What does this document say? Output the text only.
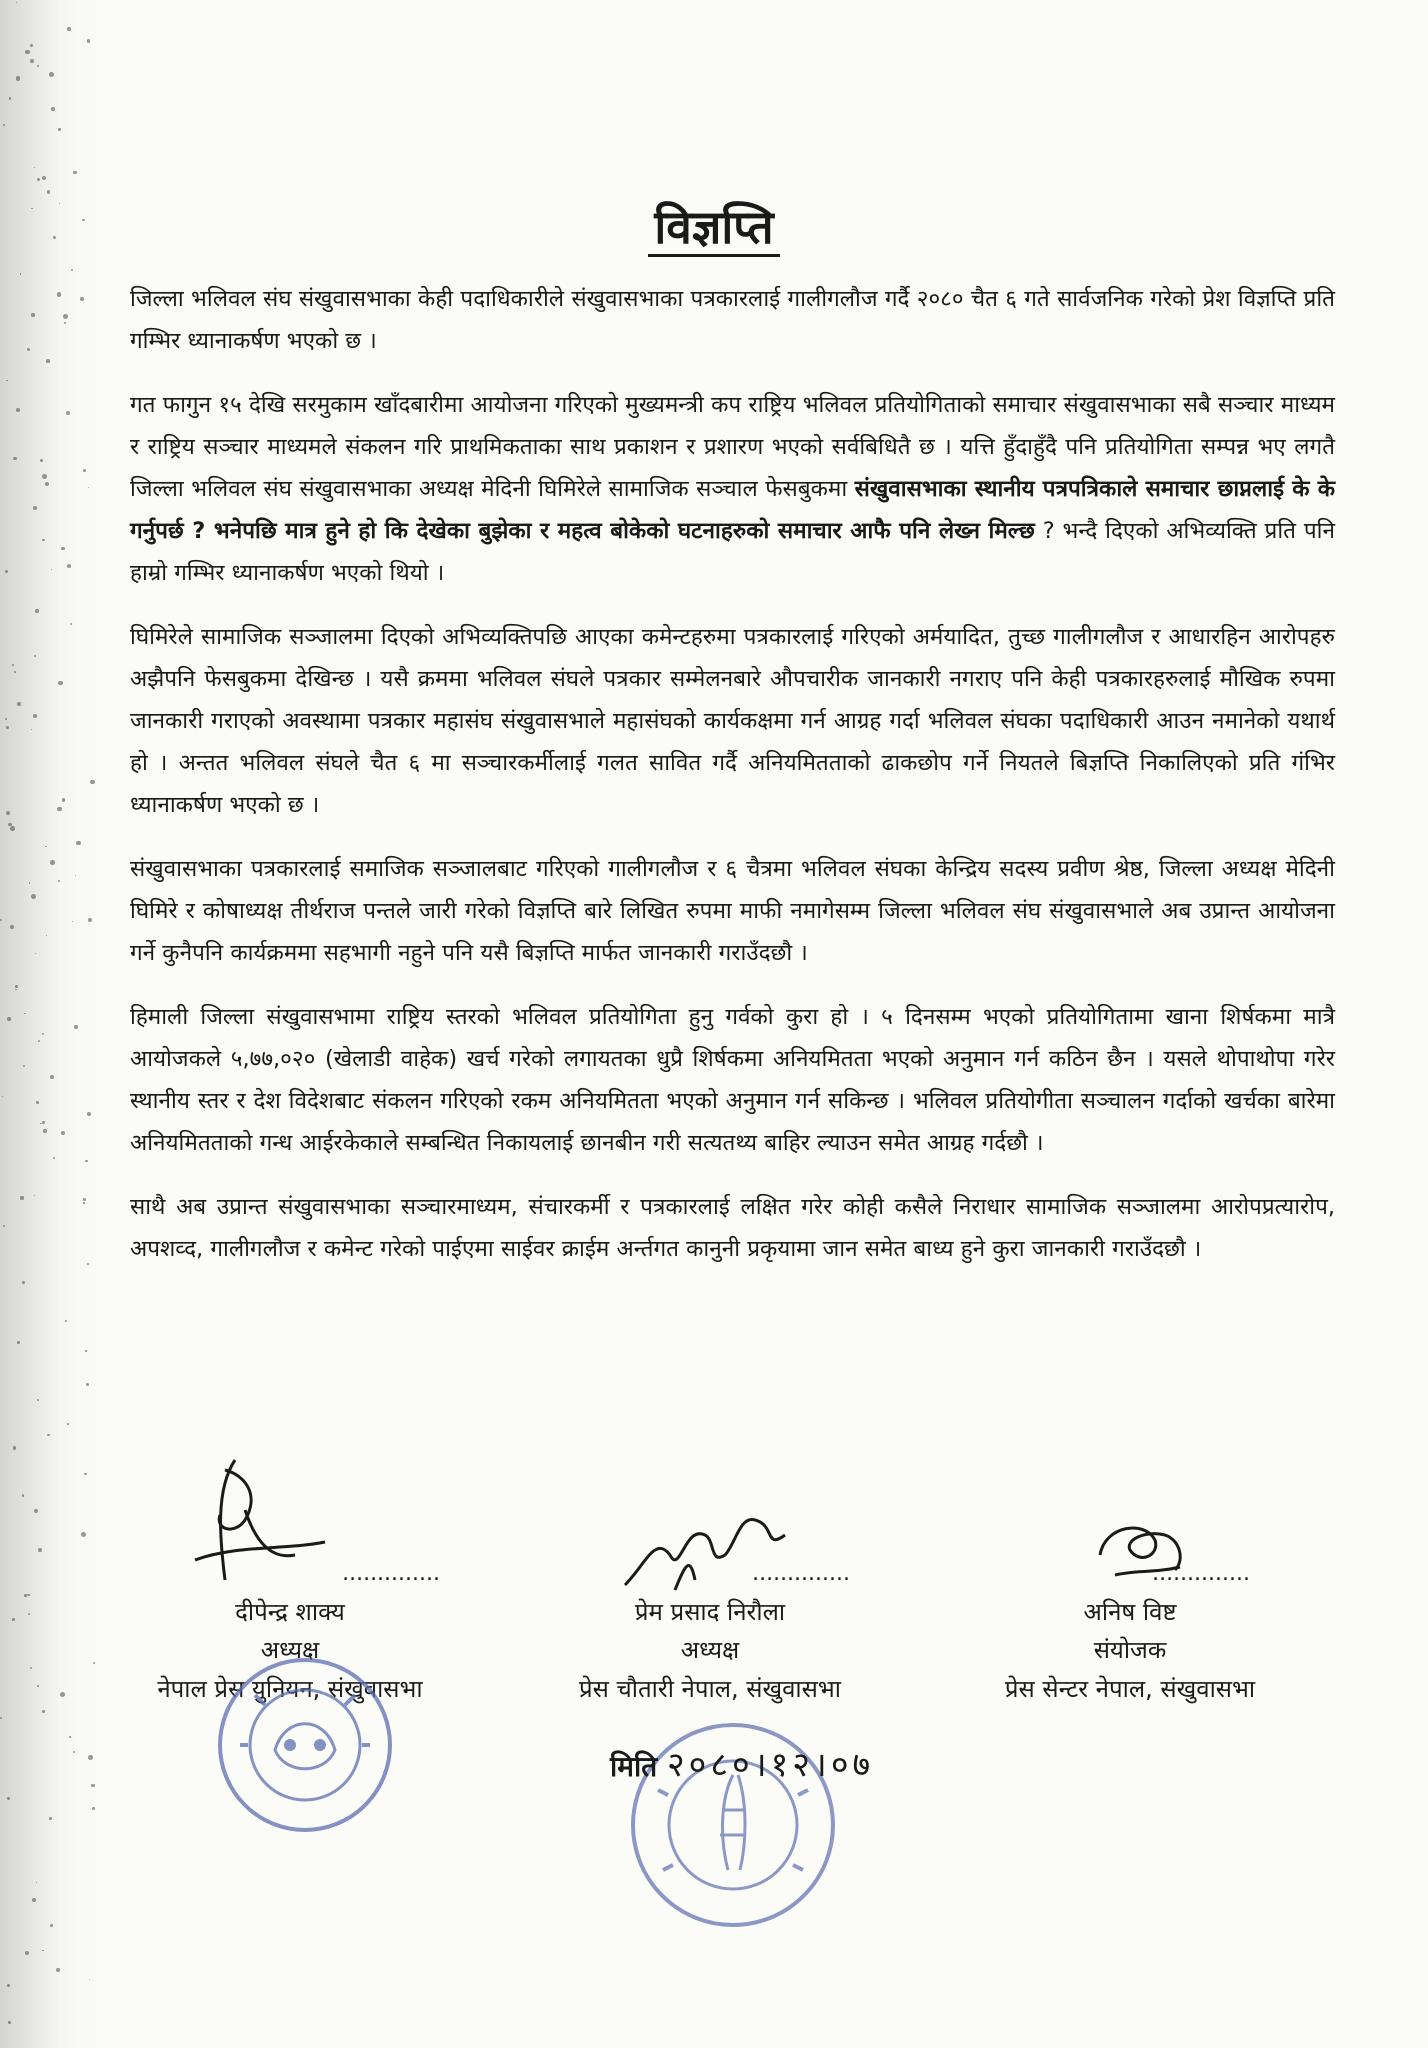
विज्ञप्ति

जिल्ला भलिवल संघ संखुवासभाका केही पदाधिकारीले संखुवासभाका पत्रकारलाई गालीगलौज गर्दै २०८० चैत ६ गते सार्वजनिक गरेको प्रेश विज्ञप्ति प्रति गम्भिर ध्यानाकर्षण भएको छ ।

गत फागुन १५ देखि सरमुकाम खाँदबारीमा आयोजना गरिएको मुख्यमन्त्री कप राष्ट्रिय भलिवल प्रतियोगिताको समाचार संखुवासभाका सबै सञ्चार माध्यम र राष्ट्रिय सञ्चार माध्यमले संकलन गरि प्राथमिकताका साथ प्रकाशन र प्रशारण भएको सर्वबिधितै छ । यत्ति हुँदाहुँदै पनि प्रतियोगिता सम्पन्न भए लगतै जिल्ला भलिवल संघ संखुवासभाका अध्यक्ष मेदिनी घिमिरेले सामाजिक सञ्चाल फेसबुकमा संखुवासभाका स्थानीय पत्रपत्रिकाले समाचार छाप्नलाई के के गर्नुपर्छ ? भनेपछि मात्र हुने हो कि देखेका बुझेका र महत्व बोकेको घटनाहरुको समाचार आफै पनि लेख्न मिल्छ ? भन्दै दिएको अभिव्यक्ति प्रति पनि हाम्रो गम्भिर ध्यानाकर्षण भएको थियो ।

घिमिरेले सामाजिक सञ्जालमा दिएको अभिव्यक्तिपछि आएका कमेन्टहरुमा पत्रकारलाई गरिएको अर्मयादित, तुच्छ गालीगलौज र आधारहिन आरोपहरु अझैपनि फेसबुकमा देखिन्छ । यसै क्रममा भलिवल संघले पत्रकार सम्मेलनबारे औपचारीक जानकारी नगराए पनि केही पत्रकारहरुलाई मौखिक रुपमा जानकारी गराएको अवस्थामा पत्रकार महासंघ संखुवासभाले महासंघको कार्यकक्षमा गर्न आग्रह गर्दा भलिवल संघका पदाधिकारी आउन नमानेको यथार्थ हो । अन्तत भलिवल संघले चैत ६ मा सञ्चारकर्मीलाई गलत सावित गर्दै अनियमितताको ढाकछोप गर्ने नियतले बिज्ञप्ति निकालिएको प्रति गंभिर ध्यानाकर्षण भएको छ ।

संखुवासभाका पत्रकारलाई समाजिक सञ्जालबाट गरिएको गालीगलौज र ६ चैत्रमा भलिवल संघका केन्द्रिय सदस्य प्रवीण श्रेष्ठ, जिल्ला अध्यक्ष मेदिनी घिमिरे र कोषाध्यक्ष तीर्थराज पन्तले जारी गरेको विज्ञप्ति बारे लिखित रुपमा माफी नमागेसम्म जिल्ला भलिवल संघ संखुवासभाले अब उप्रान्त आयोजना गर्ने कुनैपनि कार्यक्रममा सहभागी नहुने पनि यसै बिज्ञप्ति मार्फत जानकारी गराउँदछौ ।

हिमाली जिल्ला संखुवासभामा राष्ट्रिय स्तरको भलिवल प्रतियोगिता हुनु गर्वको कुरा हो । ५ दिनसम्म भएको प्रतियोगितामा खाना शिर्षकमा मात्रै आयोजकले ५,७७,०२० (खेलाडी वाहेक) खर्च गरेको लगायतका धुप्रै शिर्षकमा अनियमितता भएको अनुमान गर्न कठिन छैन । यसले थोपाथोपा गरेर स्थानीय स्तर र देश विदेशबाट संकलन गरिएको रकम अनियमितता भएको अनुमान गर्न सकिन्छ । भलिवल प्रतियोगीता सञ्चालन गर्दाको खर्चका बारेमा अनियमितताको गन्ध आईरकेकाले सम्बन्धित निकायलाई छानबीन गरी सत्यतथ्य बाहिर ल्याउन समेत आग्रह गर्दछौ ।

साथै अब उप्रान्त संखुवासभाका सञ्चारमाध्यम, संचारकर्मी र पत्रकारलाई लक्षित गरेर कोही कसैले निराधार सामाजिक सञ्जालमा आरोपप्रत्यारोप, अपशव्द, गालीगलौज र कमेन्ट गरेको पाईएमा साईवर क्राईम अर्न्तगत कानुनी प्रकृयामा जान समेत बाध्य हुने कुरा जानकारी गराउँदछौ ।

..............
दीपेन्द्र शाक्य
अध्यक्ष
नेपाल प्रेस युनियन, संखुवासभा
..............
प्रेम प्रसाद निरौला
अध्यक्ष
प्रेस चौतारी नेपाल, संखुवासभा
..............
अनिष विष्ट
संयोजक
प्रेस सेन्टर नेपाल, संखुवासभा
मिति २०८०।१२।०७
